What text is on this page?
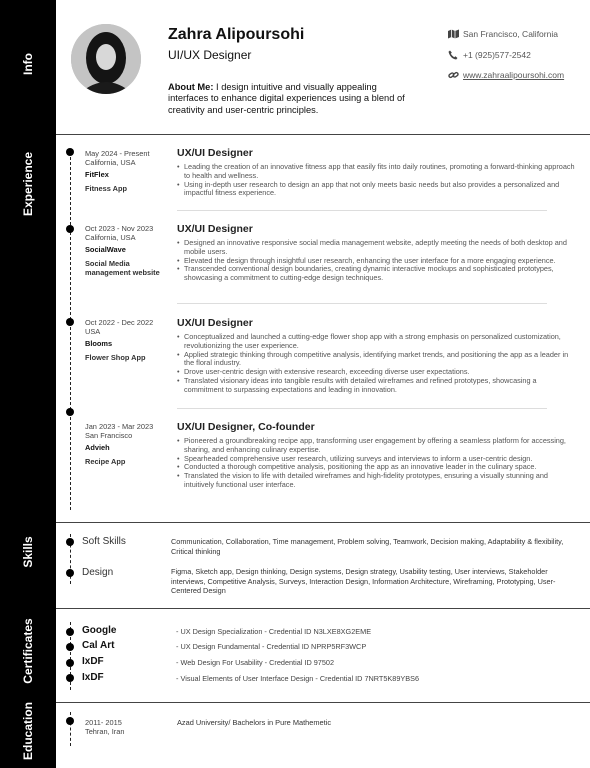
Info
Experience
Skills
Certificates
Education
Zahra Alipoursohi
UI/UX Designer
About Me: I design intuitive and visually appealing interfaces to enhance digital experiences using a blend of creativity and user-centric principles.
San Francisco, California
+1 (925)577-2542
www.zahraalipoursohi.com
May 2024 - Present
California, USA
FitFlex
Fitness App
UX/UI Designer
• Leading the creation of an innovative fitness app that easily fits into daily routines, promoting a forward-thinking approach to health and wellness.
• Using in-depth user research to design an app that not only meets basic needs but also provides a personalized and impactful fitness experience.
Oct 2023 - Nov 2023
California, USA
SocialWave
Social Media management website
UX/UI Designer
• Designed an innovative responsive social media management website, adeptly meeting the needs of both desktop and mobile users.
• Elevated the design through insightful user research, enhancing the user interface for a more engaging experience.
• Transcended conventional design boundaries, creating dynamic interactive mockups and sophisticated prototypes, showcasing a commitment to cutting-edge design techniques.
Oct 2022 - Dec 2022
USA
Blooms
Flower Shop App
UX/UI Designer
• Conceptualized and launched a cutting-edge flower shop app with a strong emphasis on personalized customization, revolutionizing the user experience.
• Applied strategic thinking through competitive analysis, identifying market trends, and positioning the app as a leader in the floral industry.
• Drove user-centric design with extensive research, exceeding diverse user expectations.
• Translated visionary ideas into tangible results with detailed wireframes and refined prototypes, showcasing a commitment to surpassing expectations and leading in innovation.
Jan 2023 - Mar 2023
San Francisco
Advieh
Recipe App
UX/UI Designer, Co-founder
• Pioneered a groundbreaking recipe app, transforming user engagement by offering a seamless platform for accessing, sharing, and enhancing culinary expertise.
• Spearheaded comprehensive user research, utilizing surveys and interviews to inform a user-centric design.
• Conducted a thorough competitive analysis, positioning the app as an innovative leader in the culinary space.
• Translated the vision to life with detailed wireframes and high-fidelity prototypes, ensuring a visually stunning and intuitively functional user interface.
Soft Skills	Communication, Collaboration, Time management, Problem solving, Teamwork, Decision making, Adaptability & flexibility, Critical thinking
Design	Figma, Sketch app, Design thinking, Design systems, Design strategy, Usability testing, User interviews, Stakeholder interviews, Competitive Analysis, Surveys, Interaction Design, Information Architecture, Wireframing, Prototyping, User-Centered Design
Google	- UX Design Specialization - Credential ID N3LXE8XG2EME
Cal Art	- UX Design Fundamental - Credential ID NPRP5RF3WCP
IxDF	- Web Design For Usability - Credential ID 97502
IxDF	- Visual Elements of User Interface Design - Credential ID 7NRT5K89YBS6
2011- 2015
Tehran, Iran
Azad University/ Bachelors in Pure Mathemetic
